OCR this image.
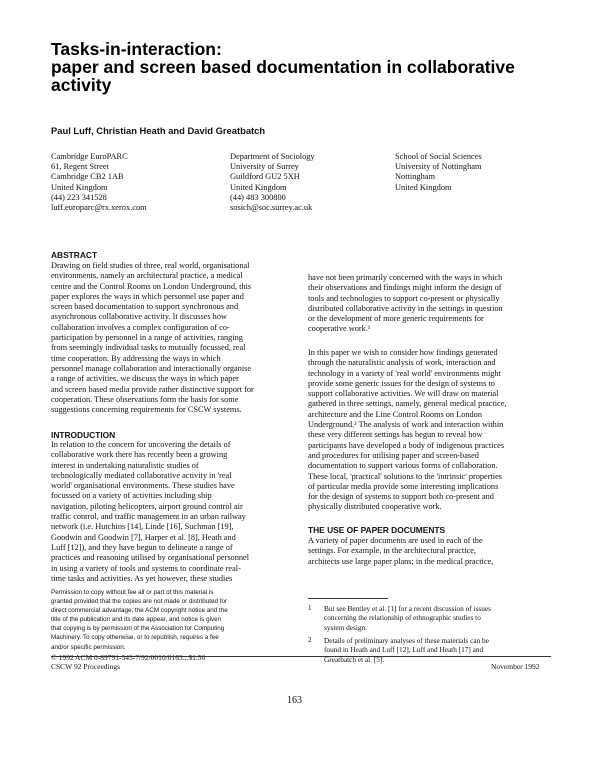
Tasks-in-interaction:
paper and screen based documentation in collaborative
activity
Paul Luff, Christian Heath and David Greatbatch
Cambridge EuroPARC
61, Regent Street
Cambridge CB2 1AB
United Kingdom
(44) 223 341528
luff.europarc@rx.xerox.com
Department of Sociology
University of Surrey
Guildford GU2 5XH
United Kingdom
(44) 483 300800
sosich@soc.surrey.ac.uk
School of Social Sciences
University of Nottingham
Nottingham
United Kingdom
ABSTRACT
Drawing on field studies of three, real world, organisational
environments, namely an architectural practice, a medical
centre and the Control Rooms on London Underground, this
paper explores the ways in which personnel use paper and
screen based documentation to support synchronous and
asynchronous collaborative activity. It discusses how
collaboration involves a complex configuration of co-
participation by personnel in a range of activities, ranging
from seemingly individual tasks to mutually focussed, real
time cooperation. By addressing the ways in which
personnel manage collaboration and interactionally organise
a range of activities, we discuss the ways in which paper
and screen based media provide rather distinctive support for
cooperation. These observations form the basis for some
suggestions concerning requirements for CSCW systems.
INTRODUCTION
In relation to the concern for uncovering the details of
collaborative work there has recently been a growing
interest in undertaking naturalistic studies of
technologically mediated collaborative activity in 'real
world' organisational environments. These studies have
focussed on a variety of activities including ship
navigation, piloting helicopters, airport ground control air
traffic control, and traffic management in an urban railway
network (i.e. Hutchins [14], Linde [16], Suchman [19],
Goodwin and Goodwin [7], Harper et al. [8], Heath and
Luff [12]), and they have begun to delineate a range of
practices and reasoning utilised by organisational personnel
in using a variety of tools and systems to coordinate real-
time tasks and activities. As yet however, these studies
Permission to copy without fee all or part of this material is
granted provided that the copies are not made or distributed for
direct commercial advantage, the ACM copyright notice and the
title of the publication and its date appear, and notice is given
that copying is by permission of the Association for Computing
Machinery. To copy otherwise, or to republish, requires a fee
and/or specific permission.
© 1992 ACM 0-89791-543-7/92/0010/0163...$1.50
have not been primarily concerned with the ways in which
their observations and findings might inform the design of
tools and technologies to support co-present or physically
distributed collaborative activity in the settings in question
or the development of more generic requirements for
cooperative work.¹
In this paper we wish to consider how findings generated
through the naturalistic analysis of work, interaction and
technology in a variety of 'real world' environments might
provide some generic issues for the design of systems to
support collaborative activities. We will draw on material
gathered in three settings, namely, general medical practice,
architecture and the Line Control Rooms on London
Underground.² The analysis of work and interaction within
these very different settings has begun to reveal how
participants have developed a body of indigenous practices
and procedures for utilising paper and screen-based
documentation to support various forms of collaboration.
These local, 'practical' solutions to the 'intrinsic' properties
of particular media provide some interesting implications
for the design of systems to support both co-present and
physically distributed cooperative work.
THE USE OF PAPER DOCUMENTS
A variety of paper documents are used in each of the
settings. For example, in the architectural practice,
architects use large paper plans; in the medical practice,
1 But see Bentley et al. [1] for a recent discussion of issues
concerning the relationship of ethnographic studies to
system design.
2 Details of preliminary analyses of these materials can be
found in Heath and Luff [12], Luff and Heath [17] and
Greatbatch et al. [5].
CSCW 92 Proceedings	November 1992
163
